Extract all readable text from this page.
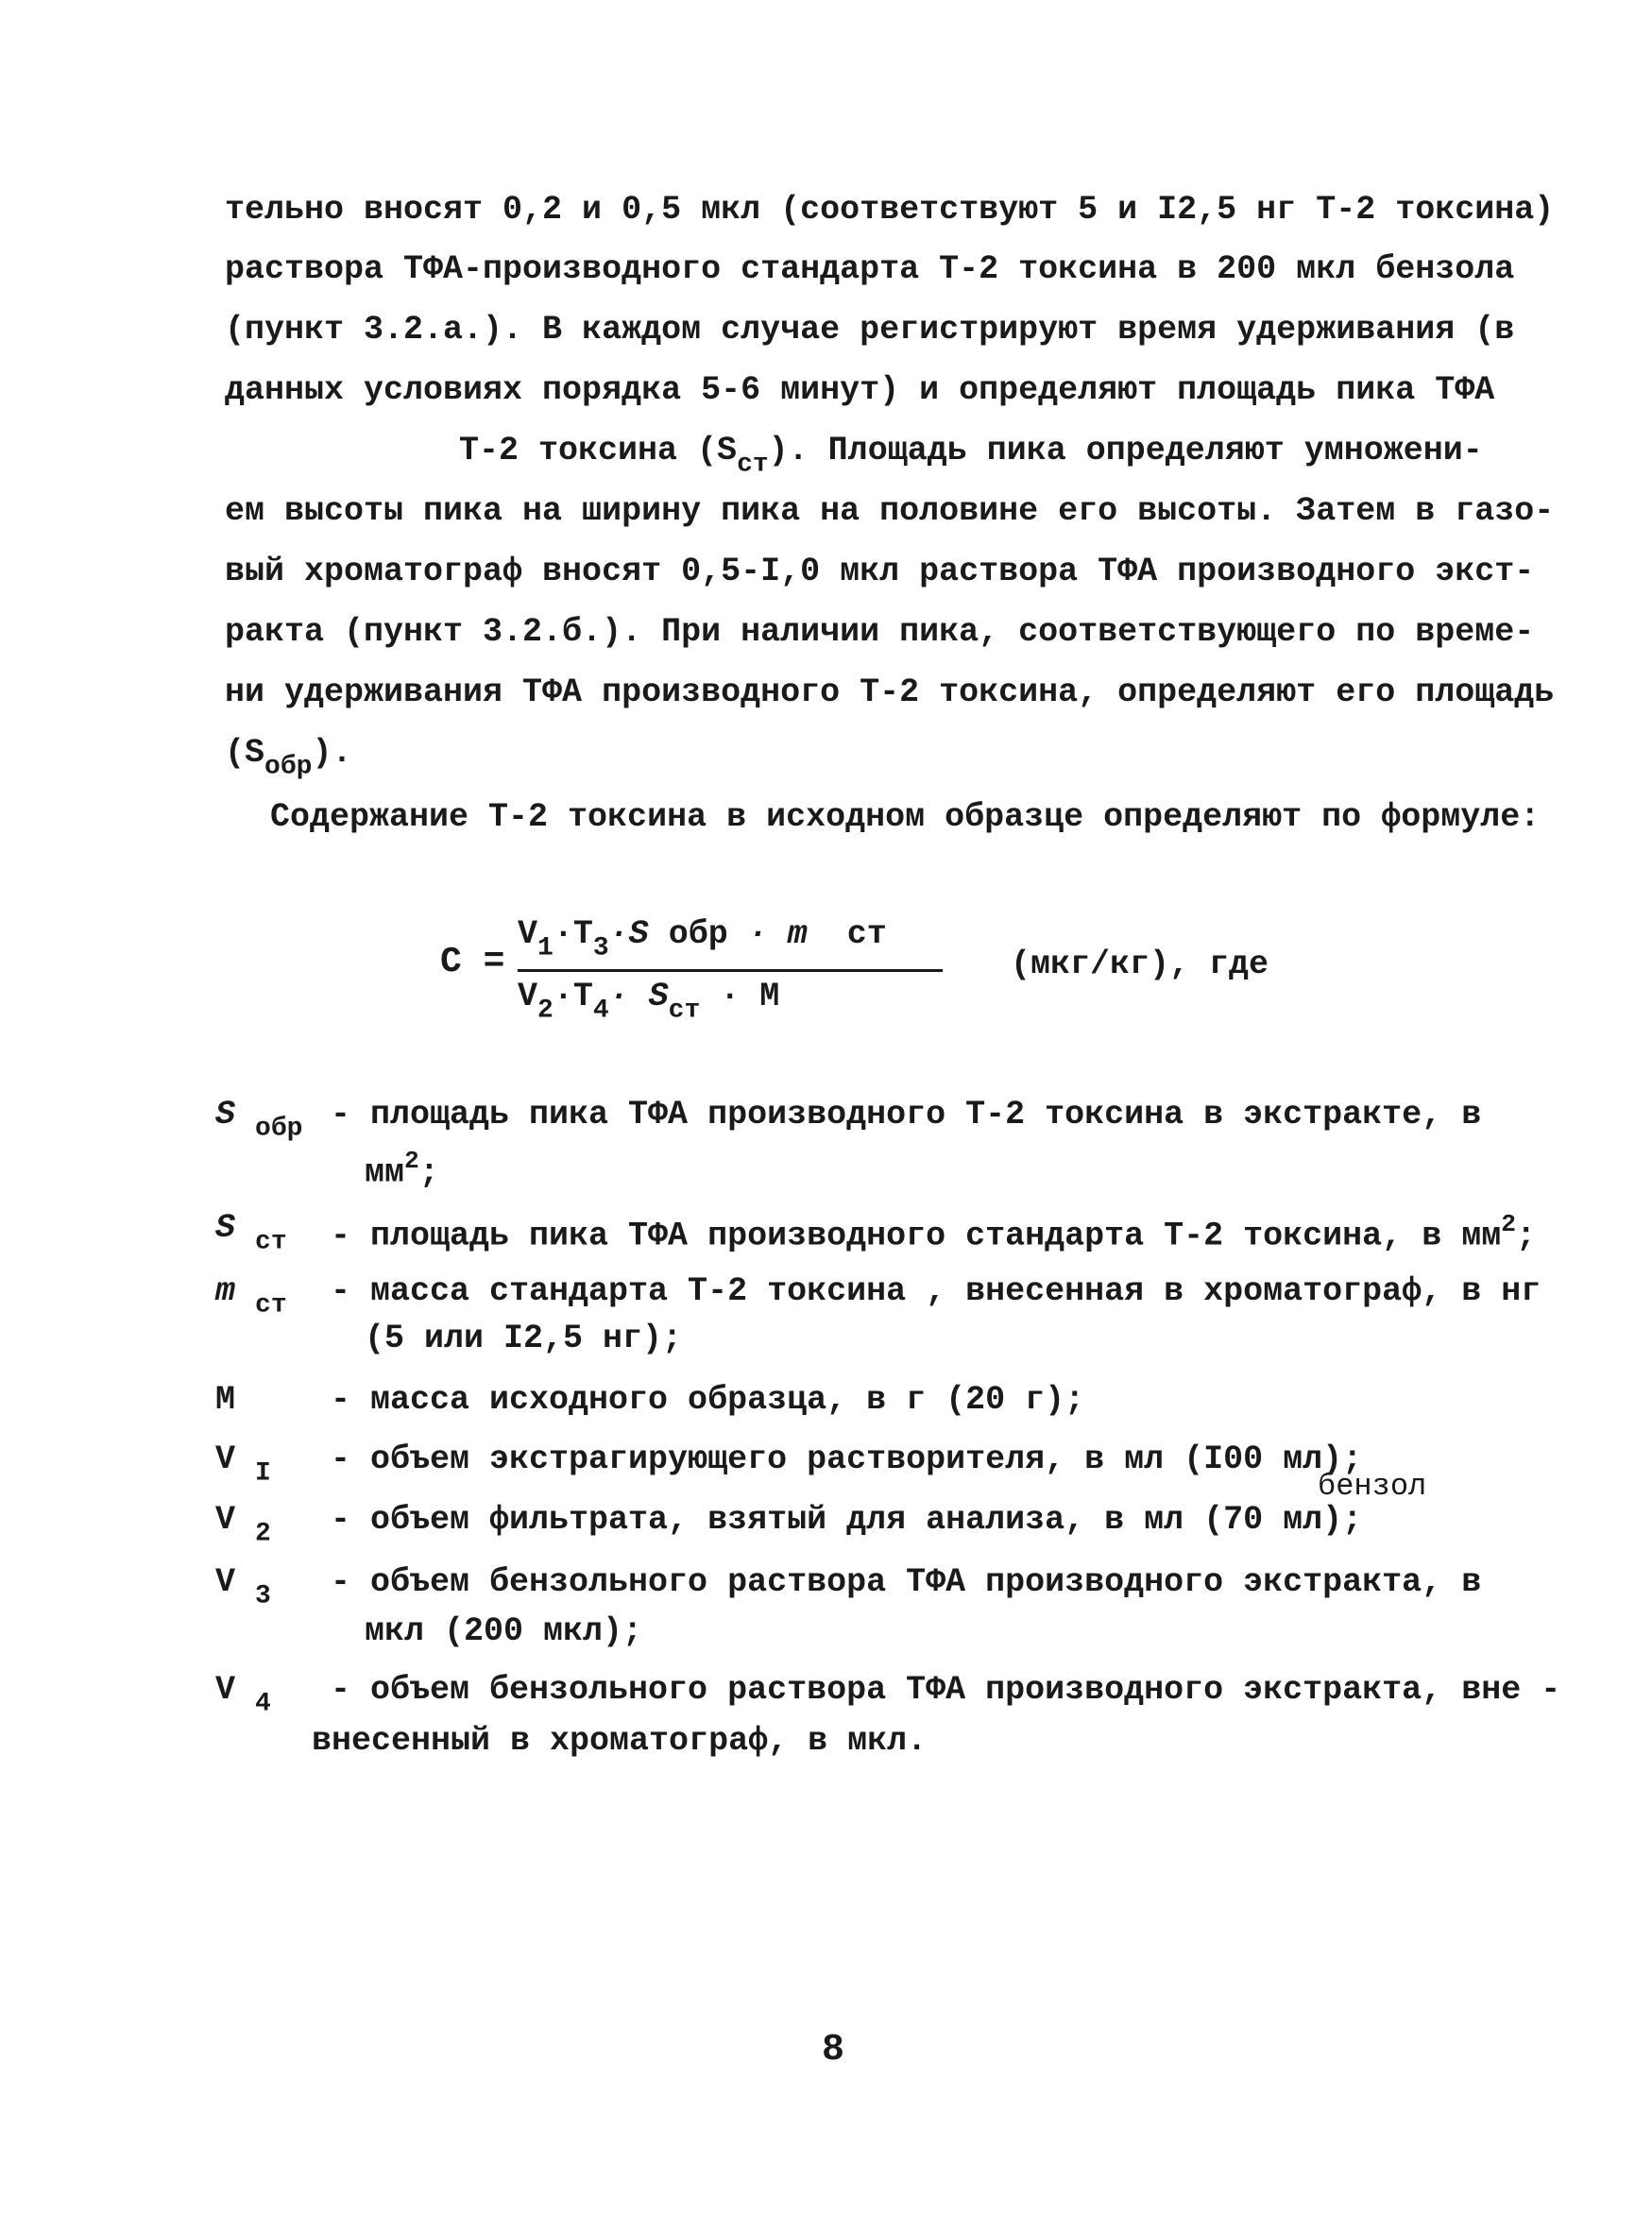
тельно вносят 0,2 и 0,5 мкл (соответствуют 5 и I2,5 нг Т-2 токсина)
раствора ТФА-производного стандарта Т-2 токсина в 200 мкл бензола
(пункт 3.2.а.). В каждом случае регистрируют время удерживания (в
данных условиях порядка 5-6 минут) и определяют площадь пика ТФА
Т-2 токсина $(S_{ст})$. Площадь пика определяют умножени-
ем высоты пика на ширину пика на половине его высоты. Затем в газо-
вый хроматограф вносят 0,5-I,0 мкл раствора ТФА производного экст-
ракта (пункт 3.2.б.). При наличии пика, соответствующего по време-
ни удерживания ТФА производного Т-2 токсина, определяют его площадь
$(S_{обр})$.
Содержание Т-2 токсина в исходном образце определяют по формуле:
C =
$V_1\cdot T_3\cdot S$ обр · m ст
$V_2\cdot T_4\cdot S_{ст} \cdot M$
(мкг/кг), где
S $_{обр}$ - площадь пика ТФА производного Т-2 токсина в экстракте, в
$мм^2$;
S $_{ст}$ - площадь пика ТФА производного стандарта Т-2 токсина, в $мм^2$;
m $_{ст}$ - масса стандарта Т-2 токсина , внесенная в хроматограф, в нг
(5 или I2,5 нг);
M	- масса исходного образца, в г (20 г);
V $_I$ - объем экстрагирующего растворителя, в мл (I00 мл);
бензол
V $_2$ - объем фильтрата, взятый для анализа, в мл (70 мл);
V $_3$ - объем бензольного раствора ТФА производного экстракта, в
мкл (200 мкл);
V $_4$ - объем бензольного раствора ТФА производного экстракта, вне -
внесенный в хроматограф, в мкл.
8
